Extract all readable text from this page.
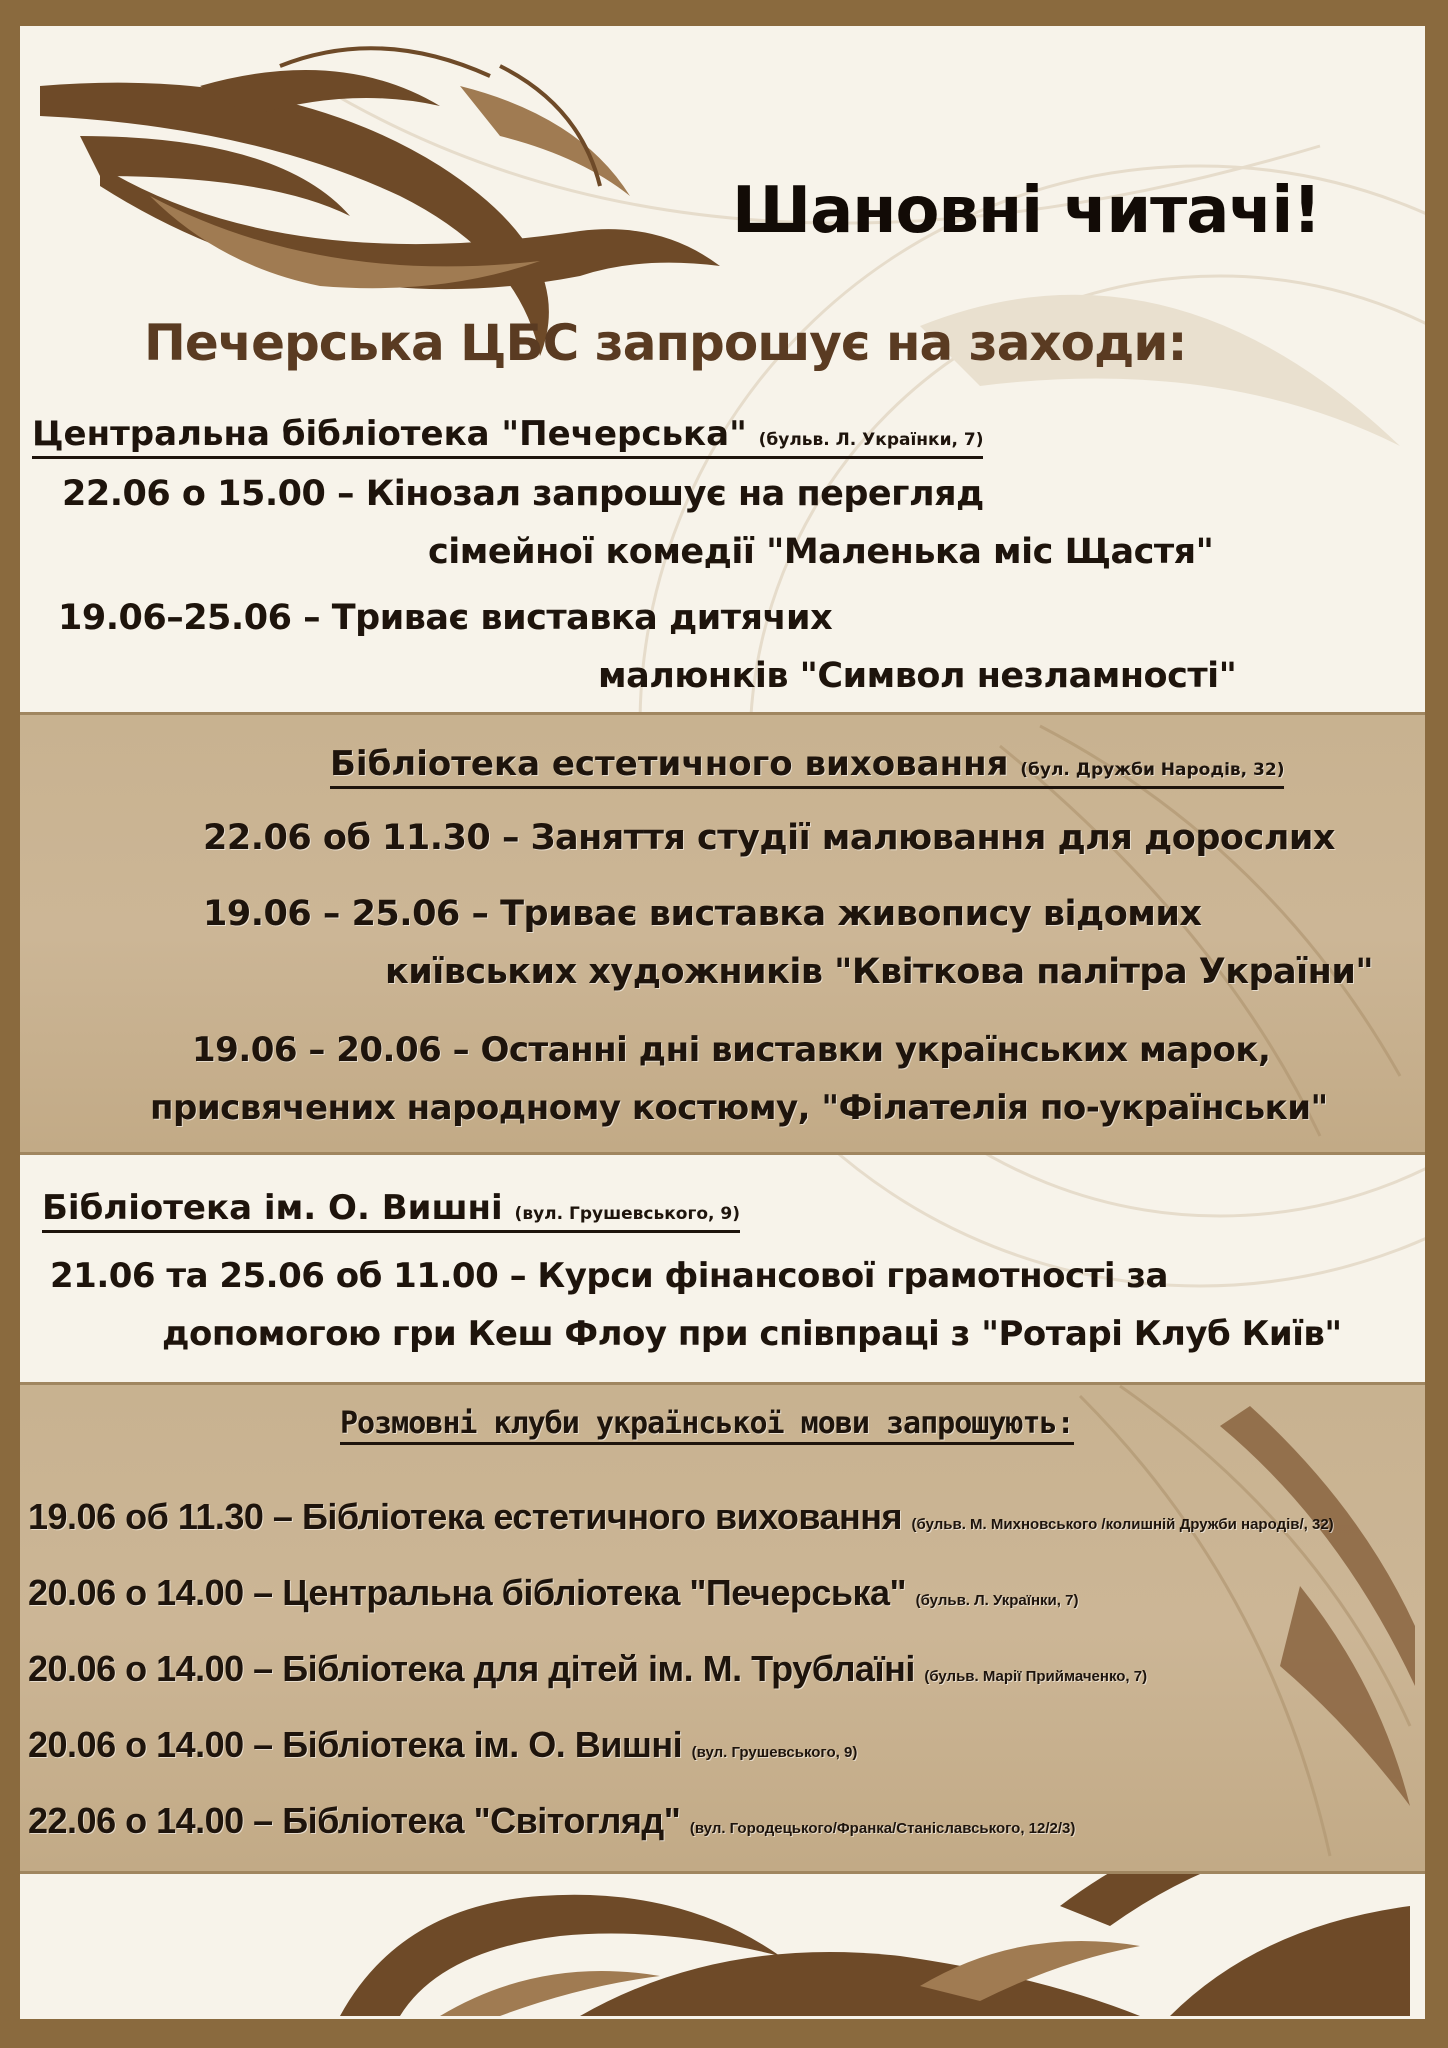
Шановні читачі!
Печерська ЦБС запрошує на заходи:
Центральна бібліотека "Печерська" (бульв. Л. Українки, 7)
22.06 о 15.00 – Кінозал запрошує на перегляд
сімейної комедії "Маленька міс Щастя"
19.06–25.06 – Триває виставка дитячих
малюнків "Символ незламності"
Бібліотека естетичного виховання (бул. Дружби Народів, 32)
22.06 об 11.30 – Заняття студії малювання для дорослих
19.06 – 25.06 – Триває виставка живопису відомих
київських художників "Квіткова палітра України"
19.06 – 20.06 – Останні дні виставки українських марок,
присвячених народному костюму, "Філателія по-українськи"
Бібліотека ім. О. Вишні (вул. Грушевського, 9)
21.06 та 25.06 об 11.00 – Курси фінансової грамотності за
допомогою гри Кеш Флоу при співпраці з "Ротарі Клуб Київ"
Розмовні клуби української мови запрошують:
19.06 об 11.30 – Бібліотека естетичного виховання (бульв. М. Михновського /колишній Дружби народів/, 32)
20.06 о 14.00 – Центральна бібліотека "Печерська" (бульв. Л. Українки, 7)
20.06 о 14.00 – Бібліотека для дітей ім. М. Трублаїні (бульв. Марії Приймаченко, 7)
20.06 о 14.00 – Бібліотека ім. О. Вишні (вул. Грушевського, 9)
22.06 о 14.00 – Бібліотека "Світогляд" (вул. Городецького/Франка/Станіславського, 12/2/3)
